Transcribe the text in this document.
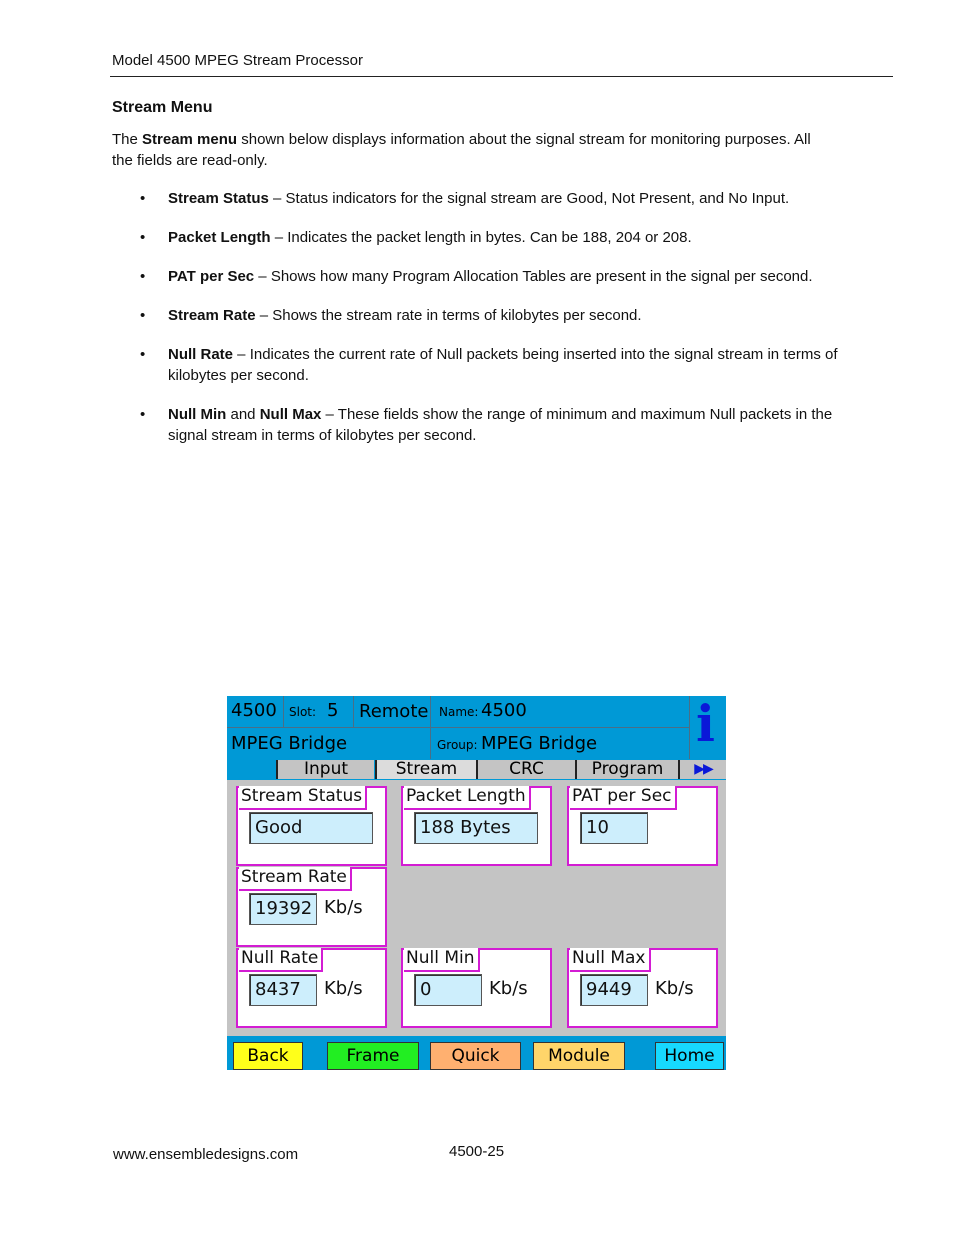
Model 4500 MPEG Stream Processor
Stream Menu
The Stream menu shown below displays information about the signal stream for monitoring purposes. All the fields are read-only.
• Stream Status – Status indicators for the signal stream are Good, Not Present, and No Input.
• Packet Length – Indicates the packet length in bytes. Can be 188, 204 or 208.
• PAT per Sec – Shows how many Program Allocation Tables are present in the signal per second.
• Stream Rate – Shows the stream rate in terms of kilobytes per second.
• Null Rate – Indicates the current rate of Null packets being inserted into the signal stream in terms of kilobytes per second.
• Null Min and Null Max – These fields show the range of minimum and maximum Null packets in the signal stream in terms of kilobytes per second.
4500 Slot: 5 Remote Name: 4500
MPEG Bridge	Group: MPEG Bridge i
Input	Stream	CRC	Program	▶▶
Stream Status
Good
Packet Length
188 Bytes
PAT per Sec
10
Stream Rate
19392 Kb/s
Null Rate
8437	Kb/s
Null Min
0	Kb/s
Null Max
9449	Kb/s
Back	Frame	Quick	Module	Home
www.ensembledesigns.com	4500-25
